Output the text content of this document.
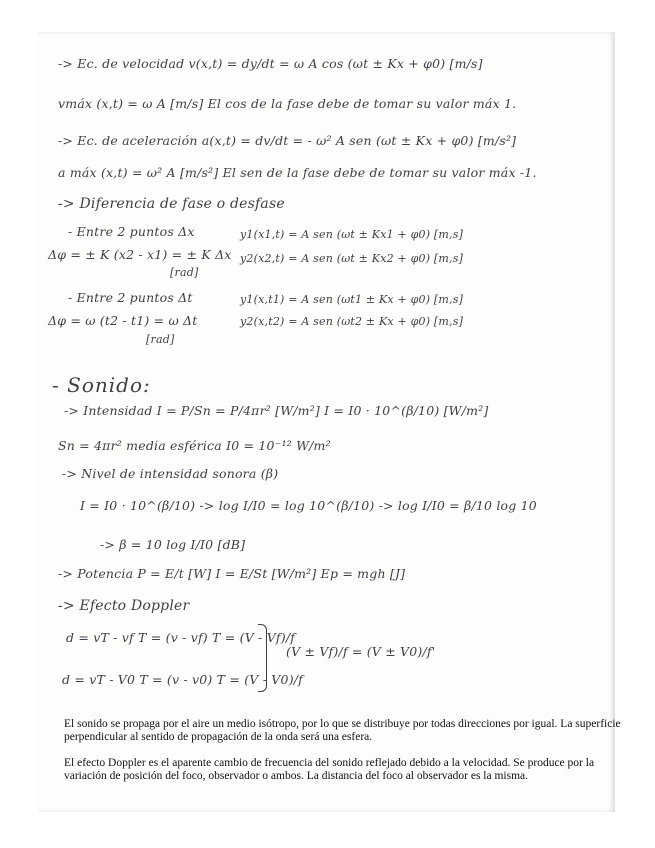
-> Ec. de velocidad v(x,t) = dy/dt = ω A cos (ωt ± Kx + φ0) [m/s]
vmáx (x,t) = ω A [m/s] El cos de la fase debe de tomar su valor máx 1.
-> Ec. de aceleración a(x,t) = dv/dt = - ω² A sen (ωt ± Kx + φ0) [m/s²]
a máx (x,t) = ω² A [m/s²] El sen de la fase debe de tomar su valor máx -1.
-> Diferencia de fase o desfase
- Entre 2 puntos Δx	y1(x1,t) = A sen (ωt ± Kx1 + φ0) [m,s]
Δφ = ± K (x2 - x1) = ± K Δx y2(x2,t) = A sen (ωt ± Kx2 + φ0) [m,s]
[rad]
- Entre 2 puntos Δt	y1(x,t1) = A sen (ωt1 ± Kx + φ0) [m,s]
Δφ = ω (t2 - t1) = ω Δt	y2(x,t2) = A sen (ωt2 ± Kx + φ0) [m,s]
[rad]
- Sonido:
-> Intensidad I = P/Sn = P/4πr² [W/m²] I = I0 · 10^(β/10) [W/m²]
Sn = 4πr² media esférica I0 = 10⁻¹² W/m²
-> Nivel de intensidad sonora (β)
I = I0 · 10^(β/10) -> log I/I0 = log 10^(β/10) -> log I/I0 = β/10 log 10
-> β = 10 log I/I0 [dB]
-> Potencia P = E/t [W] I = E/St [W/m²] Ep = mgh [J]
-> Efecto Doppler
d = vT - vf T = (v - vf) T = (V - Vf)/f
(V ± Vf)/f = (V ± V0)/f'
d = vT - V0 T = (v - v0) T = (V - V0)/f
El sonido se propaga por el aire un medio isótropo, por lo que se distribuye por todas direcciones por igual. La superficie perpendicular al sentido de propagación de la onda será una esfera.
El efecto Doppler es el aparente cambio de frecuencia del sonido reflejado debido a la velocidad. Se produce por la variación de posición del foco, observador o ambos. La distancia del foco al observador es la misma.
